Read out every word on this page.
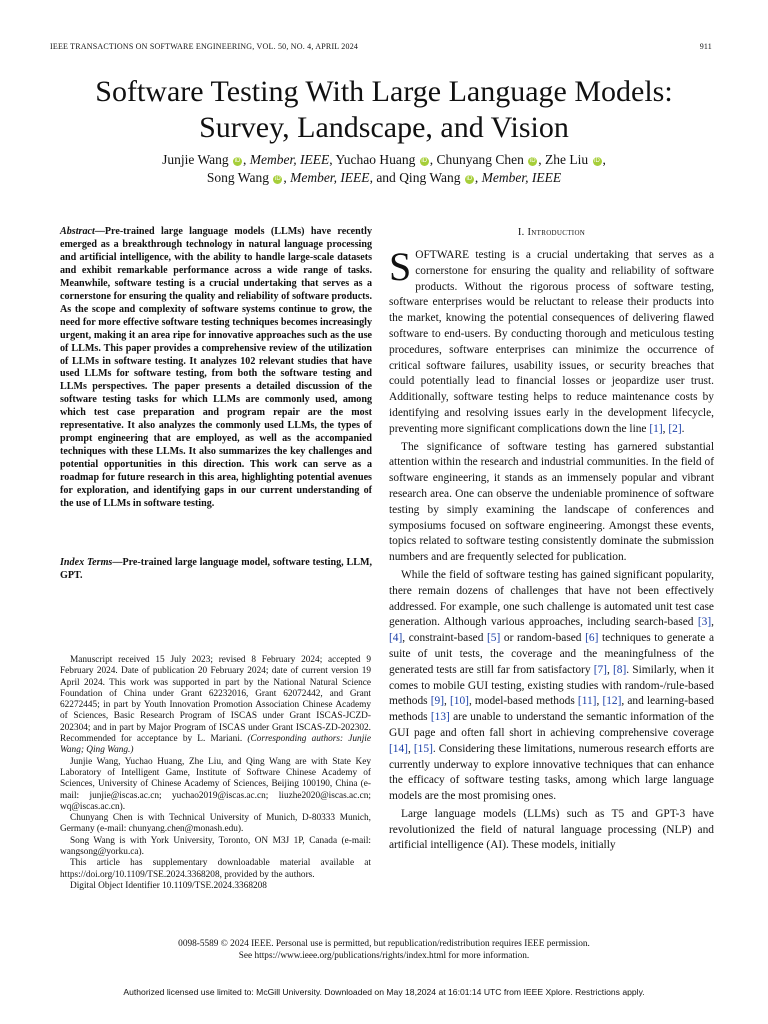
IEEE TRANSACTIONS ON SOFTWARE ENGINEERING, VOL. 50, NO. 4, APRIL 2024	911
Software Testing With Large Language Models:
Survey, Landscape, and Vision
Junjie Wang iD , Member, IEEE, Yuchao Huang iD , Chunyang Chen iD , Zhe Liu iD ,
Song Wang iD , Member, IEEE, and Qing Wang iD , Member, IEEE
Abstract—Pre-trained large language models (LLMs) have recently emerged as a breakthrough technology in natural language processing and artificial intelligence, with the ability to handle large-scale datasets and exhibit remarkable performance across a wide range of tasks. Meanwhile, software testing is a crucial undertaking that serves as a cornerstone for ensuring the quality and reliability of software products. As the scope and complexity of software systems continue to grow, the need for more effective software testing techniques becomes increasingly urgent, making it an area ripe for innovative approaches such as the use of LLMs. This paper provides a comprehensive review of the utilization of LLMs in software testing. It analyzes 102 relevant studies that have used LLMs for software testing, from both the software testing and LLMs perspectives. The paper presents a detailed discussion of the software testing tasks for which LLMs are commonly used, among which test case preparation and program repair are the most representative. It also analyzes the commonly used LLMs, the types of prompt engineering that are employed, as well as the accompanied techniques with these LLMs. It also summarizes the key challenges and potential opportunities in this direction. This work can serve as a roadmap for future research in this area, highlighting potential avenues for exploration, and identifying gaps in our current understanding of the use of LLMs in software testing.
Index Terms—Pre-trained large language model, software testing, LLM, GPT.

Manuscript received 15 July 2023; revised 8 February 2024; accepted 9 February 2024. Date of publication 20 February 2024; date of current version 19 April 2024. This work was supported in part by the National Natural Science Foundation of China under Grant 62232016, Grant 62072442, and Grant 62272445; in part by Youth Innovation Promotion Association Chinese Academy of Sciences, Basic Research Program of ISCAS under Grant ISCAS-JCZD-202304; and in part by Major Program of ISCAS under Grant ISCAS-ZD-202302. Recommended for acceptance by L. Mariani. (Corresponding authors: Junjie Wang; Qing Wang.)

Junjie Wang, Yuchao Huang, Zhe Liu, and Qing Wang are with State Key Laboratory of Intelligent Game, Institute of Software Chinese Academy of Sciences, University of Chinese Academy of Sciences, Beijing 100190, China (e-mail: junjie@iscas.ac.cn; yuchao2019@iscas.ac.cn; liuzhe2020@iscas.ac.cn; wq@iscas.ac.cn).

Chunyang Chen is with Technical University of Munich, D-80333 Munich, Germany (e-mail: chunyang.chen@monash.edu).

Song Wang is with York University, Toronto, ON M3J 1P, Canada (e-mail: wangsong@yorku.ca).

This article has supplementary downloadable material available at https://doi.org/10.1109/TSE.2024.3368208, provided by the authors.

Digital Object Identifier 10.1109/TSE.2024.3368208

I. Introduction

SOFTWARE testing is a crucial undertaking that serves as a cornerstone for ensuring the quality and reliability of software products. Without the rigorous process of software testing, software enterprises would be reluctant to release their products into the market, knowing the potential consequences of delivering flawed software to end-users. By conducting thorough and meticulous testing procedures, software enterprises can minimize the occurrence of critical software failures, usability issues, or security breaches that could potentially lead to financial losses or jeopardize user trust. Additionally, software testing helps to reduce maintenance costs by identifying and resolving issues early in the development lifecycle, preventing more significant complications down the line [1], [2].

The significance of software testing has garnered substantial attention within the research and industrial communities. In the field of software engineering, it stands as an immensely popular and vibrant research area. One can observe the undeniable prominence of software testing by simply examining the landscape of conferences and symposiums focused on software engineering. Amongst these events, topics related to software testing consistently dominate the submission numbers and are frequently selected for publication.

While the field of software testing has gained significant popularity, there remain dozens of challenges that have not been effectively addressed. For example, one such challenge is automated unit test case generation. Although various approaches, including search-based [3], [4], constraint-based [5] or random-based [6] techniques to generate a suite of unit tests, the coverage and the meaningfulness of the generated tests are still far from satisfactory [7], [8]. Similarly, when it comes to mobile GUI testing, existing studies with random-/rule-based methods [9], [10], model-based methods [11], [12], and learning-based methods [13] are unable to understand the semantic information of the GUI page and often fall short in achieving comprehensive coverage [14], [15]. Considering these limitations, numerous research efforts are currently underway to explore innovative techniques that can enhance the efficacy of software testing tasks, among which large language models are the most promising ones.

Large language models (LLMs) such as T5 and GPT-3 have revolutionized the field of natural language processing (NLP) and artificial intelligence (AI). These models, initially

0098-5589 © 2024 IEEE. Personal use is permitted, but republication/redistribution requires IEEE permission.
See https://www.ieee.org/publications/rights/index.html for more information.
Authorized licensed use limited to: McGill University. Downloaded on May 18,2024 at 16:01:14 UTC from IEEE Xplore. Restrictions apply.
